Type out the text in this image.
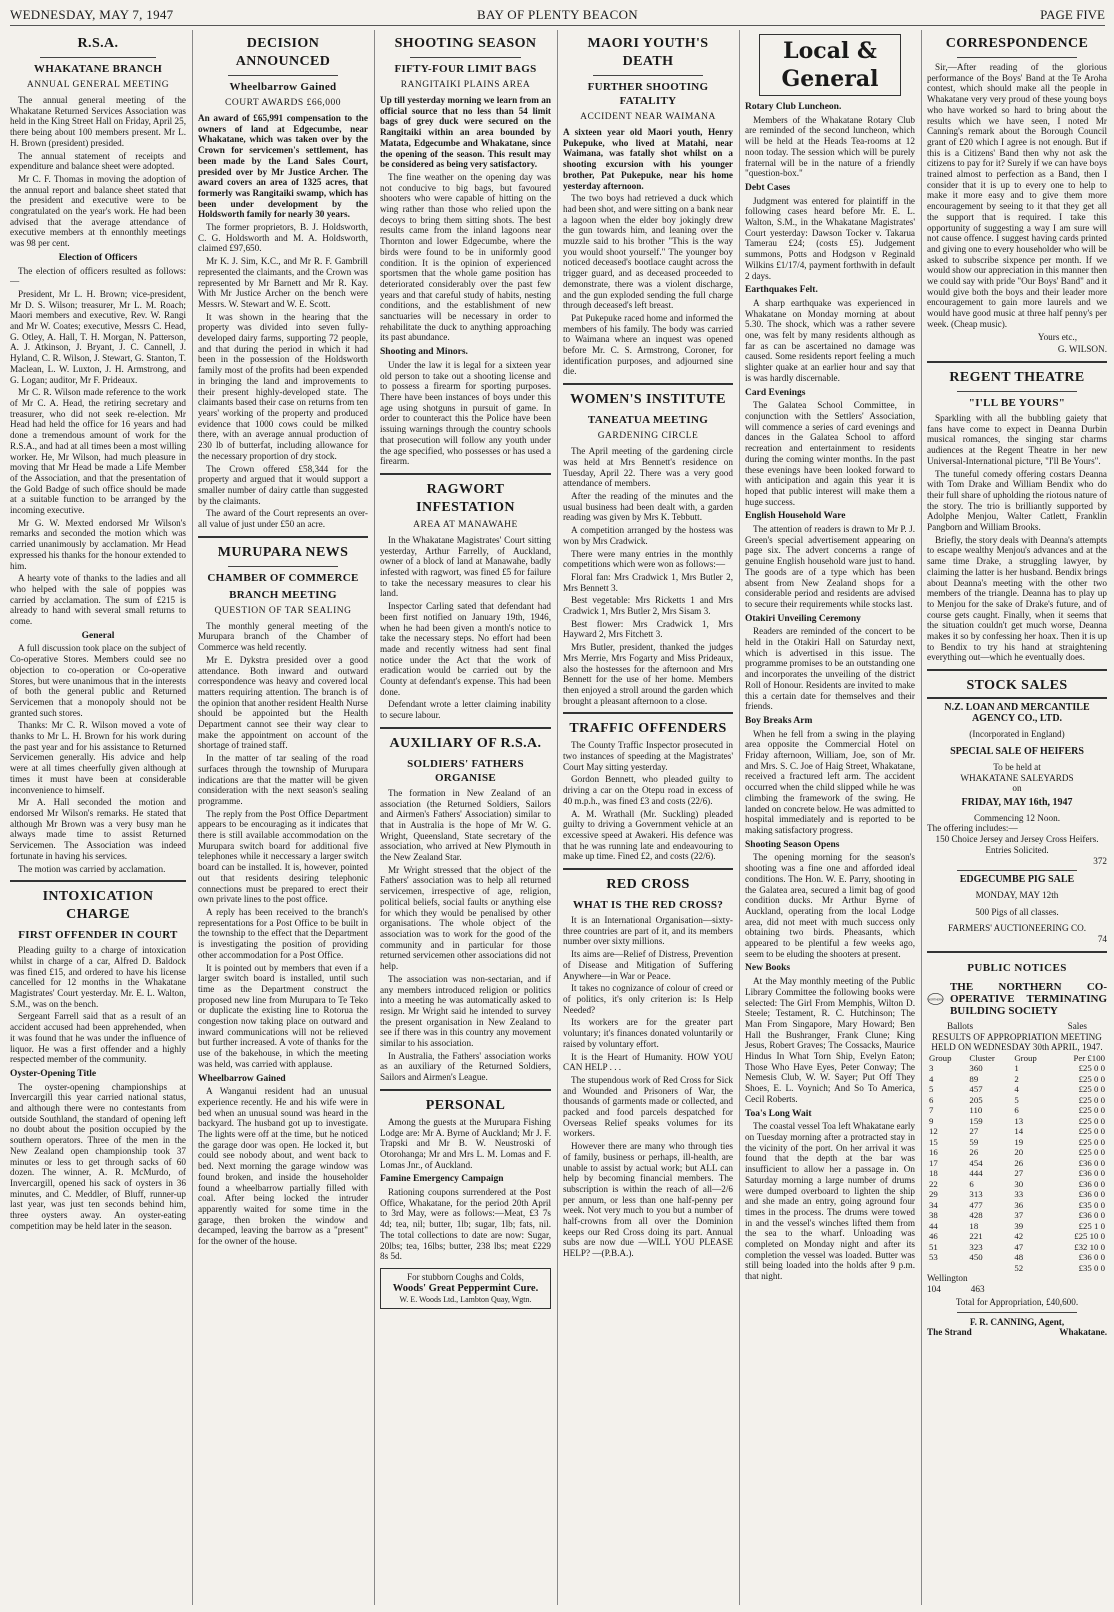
WEDNESDAY, MAY 7, 1947	BAY OF PLENTY BEACON	PAGE FIVE
R.S.A.
WHAKATANE BRANCH
ANNUAL GENERAL MEETING

The annual general meeting of the Whakatane Returned Services Association was held in the King Street Hall on Friday, April 25, there being about 100 members present. Mr L. H. Brown (president) presided.

The annual statement of receipts and expenditure and balance sheet were adopted.

Mr C. F. Thomas in moving the adoption of the annual report and balance sheet stated that the president and executive were to be congratulated on the year's work. He had been advised that the average attendance of executive members at th ennonthly meetings was 98 per cent.

Election of Officers

The election of officers resulted as follows:—

President, Mr L. H. Brown; vice-president, Mr D. S. Wilson; treasurer, Mr L. M. Roach; Maori members and executive, Rev. W. Rangi and Mr W. Coates; executive, Messrs C. Head, G. Otley, A. Hall, T. H. Morgan, N. Patterson, A. J. Atkinson, J. Bryant, J. C. Cannell, J. Hyland, C. R. Wilson, J. Stewart, G. Stanton, T. Maclean, L. W. Luxton, J. H. Armstrong, and G. Logan; auditor, Mr F. Prideaux.

Mr C. R. Wilson made reference to the work of Mr C. A. Head, the retiring secretary and treasurer, who did not seek re-election. Mr Head had held the office for 16 years and had done a tremendous amount of work for the R.S.A., and had at all times been a most willing worker. He, Mr Wilson, had much pleasure in moving that Mr Head be made a Life Member of the Association, and that the presentation of the Gold Badge of such office should be made at a suitable function to be arranged by the incoming executive.

Mr G. W. Mexted endorsed Mr Wilson's remarks and seconded the motion which was carried unanimously by acclamation. Mr Head expressed his thanks for the honour extended to him.

A hearty vote of thanks to the ladies and all who helped with the sale of poppies was carried by acclamation. The sum of £215 is already to hand with several small returns to come.

General

A full discussion took place on the subject of Co-operative Stores. Members could see no objection to co-operation or Co-operative Stores, but were unanimous that in the interests of both the general public and Returned Servicemen that a monopoly should not be granted such stores.

Thanks: Mr C. R. Wilson moved a vote of thanks to Mr L. H. Brown for his work during the past year and for his assistance to Returned Servicemen generally. His advice and help were at all times cheerfully given although at times it must have been at considerable inconvenience to himself.

Mr A. Hall seconded the motion and endorsed Mr Wilson's remarks. He stated that although Mr Brown was a very busy man he always made time to assist Returned Servicemen. The Association was indeed fortunate in having his services.

The motion was carried by acclamation.

INTOXICATION CHARGE
FIRST OFFENDER IN COURT

Pleading guilty to a charge of intoxication whilst in charge of a car, Alfred D. Baldock was fined £15, and ordered to have his license cancelled for 12 months in the Whakatane Magistrates' Court yesterday. Mr. E. L. Walton, S.M., was on the bench.

Sergeant Farrell said that as a result of an accident accused had been apprehended, when it was found that he was under the influence of liquor. He was a first offender and a highly respected member of the community.

Oyster-Opening Title

The oyster-opening championships at Invercargill this year carried national status, and although there were no contestants from outside Southland, the standard of opening left no doubt about the position occupied by the southern operators. Three of the men in the New Zealand open championship took 37 minutes or less to get through sacks of 60 dozen. The winner, A. R. McMurdo, of Invercargill, opened his sack of oysters in 36 minutes, and C. Meddler, of Bluff, runner-up last year, was just ten seconds behind him, three oysters away. An oyster-eating competition may be held later in the season.

DECISION ANNOUNCED
Wheelbarrow Gained
COURT AWARDS £66,000

An award of £65,991 compensation to the owners of land at Edgecumbe, near Whakatane, which was taken over by the Crown for servicemen's settlement, has been made by the Land Sales Court, presided over by Mr Justice Archer. The award covers an area of 1325 acres, that formerly was Rangitaiki swamp, which has been under development by the Holdsworth family for nearly 30 years.

The former proprietors, B. J. Holdsworth, C. G. Holdsworth and M. A. Holdsworth, claimed £97,650.

Mr K. J. Sim, K.C., and Mr R. F. Gambrill represented the claimants, and the Crown was represented by Mr Barnett and Mr R. Kay. With Mr Justice Archer on the bench were Messrs. W. Stewart and W. E. Scott.

It was shown in the hearing that the property was divided into seven fully-developed dairy farms, supporting 72 people, and that during the period in which it had been in the possession of the Holdsworth family most of the profits had been expended in bringing the land and improvements to their present highly-developed state. The claimants based their case on returns from ten years' working of the property and produced evidence that 1000 cows could be milked there, with an average annual production of 230 lb of butterfat, including allowance for the necessary proportion of dry stock.

The Crown offered £58,344 for the property and argued that it would support a smaller number of dairy cattle than suggested by the claimants.

The award of the Court represents an over-all value of just under £50 an acre.

MURUPARA NEWS
CHAMBER OF COMMERCE
BRANCH MEETING
QUESTION OF TAR SEALING

The monthly general meeting of the Murupara branch of the Chamber of Commerce was held recently.

Mr E. Dykstra presided over a good attendance. Both inward and outward correspondence was heavy and covered local matters requiring attention. The branch is of the opinion that another resident Health Nurse should be appointed but the Health Department cannot see their way clear to make the appointment on account of the shortage of trained staff.

In the matter of tar sealing of the road surfaces through the township of Murupara indications are that the matter will be given consideration with the next season's sealing programme.

The reply from the Post Office Department appears to be encouraging as it indicates that there is still available accommodation on the Murupara switch board for additional five telephones while it neccessary a larger switch board can be installed. It is, however, pointed out that residents desiring telephonic connections must be prepared to erect their own private lines to the post office.

A reply has been received to the branch's representations for a Post Office to be built in the township to the effect that the Department is investigating the position of providing other accommodation for a Post Office.

It is pointed out by members that even if a larger switch board is installed, until such time as the Department construct the proposed new line from Murupara to Te Teko or duplicate the existing line to Rotorua the congestion now taking place on outward and inward communications will not be relieved but further increased. A vote of thanks for the use of the bakehouse, in which the meeting was held, was carried with applause.

Wheelbarrow Gained

A Wanganui resident had an unusual experience recently. He and his wife were in bed when an unusual sound was heard in the backyard. The husband got up to investigate. The lights were off at the time, but he noticed the garage door was open. He locked it, but could see nobody about, and went back to bed. Next morning the garage window was found broken, and inside the householder found a wheelbarrow partially filled with coal. After being locked the intruder apparently waited for some time in the garage, then broken the window and decamped, leaving the barrow as a "present" for the owner of the house.

SHOOTING SEASON
FIFTY-FOUR LIMIT BAGS
RANGITAIKI PLAINS AREA

Up till yesterday morning we learn from an official source that no less than 54 limit bags of grey duck were secured on the Rangitaiki within an area bounded by Matata, Edgecumbe and Whakatane, since the opening of the season. This result may be considered as being very satisfactory.

The fine weather on the opening day was not conducive to big bags, but favoured shooters who were capable of hitting on the wing rather than those who relied upon the decoys to bring them sitting shots. The best results came from the inland lagoons near Thornton and lower Edgecumbe, where the birds were found to be in uniformly good condition. It is the opinion of experienced sportsmen that the whole game position has deteriorated considerably over the past few years and that careful study of habits, nesting conditions, and the establishment of new sanctuaries will be necessary in order to rehabilitate the duck to anything approaching its past abundance.

Shooting and Minors.

Under the law it is legal for a sixteen year old person to take out a shooting license and to possess a firearm for sporting purposes. There have been instances of boys under this age using shotguns in pursuit of game. In order to counteract this the Police have been issuing warnings through the country schools that prosecution will follow any youth under the age specified, who possesses or has used a firearm.

RAGWORT INFESTATION
AREA AT MANAWAHE

In the Whakatane Magistrates' Court sitting yesterday, Arthur Farrelly, of Auckland, owner of a block of land at Manawahe, badly infested with ragwort, was fined £5 for failure to take the necessary measures to clear his land.

Inspector Carling sated that defendant had been first notified on January 19th, 1946, when he had been given a month's notice to take the necessary steps. No effort had been made and recently witness had sent final notice under the Act that the work of eradication would be carried out by the County at defendant's expense. This had been done.

Defendant wrote a letter claiming inability to secure labour.

AUXILIARY OF R.S.A.
SOLDIERS' FATHERS ORGANISE

The formation in New Zealand of an association (the Returned Soldiers, Sailors and Airmen's Fathers' Association) similar to that in Australia is the hope of Mr W. G. Wright, Queensland, State secretary of the association, who arrived at New Plymouth in the New Zealand Star.

Mr Wright stressed that the object of the Fathers' association was to help all returned servicemen, irrespective of age, religion, political beliefs, social faults or anything else for which they would be penalised by other organisations. The whole object of the association was to work for the good of the community and in particular for those returned servicemen other associations did not help.

The association was non-sectarian, and if any members introduced religion or politics into a meeting he was automatically asked to resign. Mr Wright said he intended to survey the present organisation in New Zealand to see if there was in this country any movement similar to his association.

In Australia, the Fathers' association works as an auxiliary of the Returned Soldiers, Sailors and Airmen's League.

PERSONAL

Among the guests at the Murupara Fishing Lodge are: Mr A. Byrne of Auckland; Mr J. F. Trapski and Mr B. W. Neustroski of Otorohanga; Mr and Mrs L. M. Lomas and F. Lomas Jnr., of Auckland.

Famine Emergency Campaign

Rationing coupons surrendered at the Post Office, Whakatane, for the period 20th April to 3rd May, were as follows:—Meat, £3 7s 4d; tea, nil; butter, 1lb; sugar, 1lb; fats, nil. The total collections to date are now: Sugar, 20lbs; tea, 16lbs; butter, 238 lbs; meat £229 8s 5d.

For stubborn Coughs and Colds,
Woods' Great Peppermint Cure.
W. E. Woods Ltd., Lambton Quay, Wgtn.
MAORI YOUTH'S DEATH
FURTHER SHOOTING FATALITY
ACCIDENT NEAR WAIMANA

A sixteen year old Maori youth, Henry Pukepuke, who lived at Matahi, near Waimana, was fatally shot whilst on a shooting excursion with his younger brother, Pat Pukepuke, near his home yesterday afternoon.

The two boys had retrieved a duck which had been shot, and were sitting on a bank near a lagoon when the elder boy jokingly drew the gun towards him, and leaning over the muzzle said to his brother "This is the way you would shoot yourself." The younger boy noticed deceased's bootlace caught across the trigger guard, and as deceased proceeded to demonstrate, there was a violent discharge, and the gun exploded sending the full charge through deceased's left breast.

Pat Pukepuke raced home and informed the members of his family. The body was carried to Waimana where an inquest was opened before Mr. C. S. Armstrong, Coroner, for identification purposes, and adjourned sine die.

WOMEN'S INSTITUTE
TANEATUA MEETING
GARDENING CIRCLE

The April meeting of the gardening circle was held at Mrs Bennett's residence on Tuesday, April 22. There was a very good attendance of members.

After the reading of the minutes and the usual business had been dealt with, a garden reading was given by Mrs K. Tebbutt.

A competition arranged by the hostess was won by Mrs Cradwick.

There were many entries in the monthly competitions which were won as follows:—

Floral fan: Mrs Cradwick 1, Mrs Butler 2, Mrs Bennett 3.

Best vegetable: Mrs Ricketts 1 and Mrs Cradwick 1, Mrs Butler 2, Mrs Sisam 3.

Best flower: Mrs Cradwick 1, Mrs Hayward 2, Mrs Fitchett 3.

Mrs Butler, president, thanked the judges Mrs Merrie, Mrs Fogarty and Miss Prideaux, also the hostesses for the afternoon and Mrs Bennett for the use of her home. Members then enjoyed a stroll around the garden which brought a pleasant afternoon to a close.

TRAFFIC OFFENDERS

The County Traffic Inspector prosecuted in two instances of speeding at the Magistrates' Court May sitting yesterday.

Gordon Bennett, who pleaded guilty to driving a car on the Otepu road in excess of 40 m.p.h., was fined £3 and costs (22/6).

A. M. Wrathall (Mr. Suckling) pleaded guilty to driving a Government vehicle at an excessive speed at Awakeri. His defence was that he was running late and endeavouring to make up time. Fined £2, and costs (22/6).

RED CROSS
WHAT IS THE RED CROSS?

It is an International Organisation—sixty-three countries are part of it, and its members number over sixty millions.

Its aims are—Relief of Distress, Prevention of Disease and Mitigation of Suffering Anywhere—in War or Peace.

It takes no cognizance of colour of creed or of politics, it's only criterion is: Is Help Needed?

Its workers are for the greater part voluntary; it's finances donated voluntarily or raised by voluntary effort.

It is the Heart of Humanity. HOW YOU CAN HELP . . .

The stupendous work of Red Cross for Sick and Wounded and Prisoners of War, the thousands of garments made or collected, and packed and food parcels despatched for Overseas Relief speaks volumes for its workers.

However there are many who through ties of family, business or perhaps, ill-health, are unable to assist by actual work; but ALL can help by becoming financial members. The subscription is within the reach of all—2/6 per annum, or less than one half-penny per week. Not very much to you but a number of half-crowns from all over the Dominion keeps our Red Cross doing its part. Annual subs are now due —WILL YOU PLEASE HELP? —(P.B.A.).

Local & General

Rotary Club Luncheon.

Members of the Whakatane Rotary Club are reminded of the second luncheon, which will be held at the Heads Tea-rooms at 12 noon today. The session which will be purely fraternal will be in the nature of a friendly "question-box."

Debt Cases

Judgment was entered for plaintiff in the following cases heard before Mr. E. L. Walton, S.M., in the Whakatane Magistrates' Court yesterday: Dawson Tocker v. Takarua Tamerau £24; (costs £5). Judgement summons, Potts and Hodgson v Reginald Wilkins £1/17/4, payment forthwith in default 2 days.

Earthquakes Felt.

A sharp earthquake was experienced in Whakatane on Monday morning at about 5.30. The shock, which was a rather severe one, was felt by many residents although as far as can be ascertained no damage was caused. Some residents report feeling a much slighter quake at an earlier hour and say that is was hardly discernable.

Card Evenings

The Galatea School Committee, in conjunction with the Settlers' Association, will commence a series of card evenings and dances in the Galatea School to afford recreation and entertainment to residents during the coming winter months. In the past these evenings have been looked forward to with anticipation and again this year it is hoped that public interest will make them a huge success.

English Household Ware

The attention of readers is drawn to Mr P. J. Green's special advertisement appearing on page six. The advert concerns a range of genuine English household ware just to hand. The goods are of a type which has been absent from New Zealand shops for a considerable period and residents are advised to secure their requirements while stocks last.

Otakiri Unveiling Ceremony

Readers are reminded of the concert to be held in the Otakiri Hall on Saturday next, which is advertised in this issue. The programme promises to be an outstanding one and incorporates the unveiling of the district Roll of Honour. Residents are invited to make this a certain date for themselves and their friends.

Boy Breaks Arm

When he fell from a swing in the playing area opposite the Commercial Hotel on Friday afternoon, William, Joe, son of Mr. and Mrs. S. C. Joe of Haig Street, Whakatane, received a fractured left arm. The accident occurred when the child slipped while he was climbing the framework of the swing. He landed on concrete below. He was admitted to hospital immediately and is reported to be making satisfactory progress.

Shooting Season Opens

The opening morning for the season's shooting was a fine one and afforded ideal conditions. The Hon. W. E. Parry, shooting in the Galatea area, secured a limit bag of good condition ducks. Mr Arthur Byrne of Auckland, operating from the local Lodge area, did not meet with much success only obtaining two birds. Pheasants, which appeared to be plentiful a few weeks ago, seem to be eluding the shooters at present.

New Books

At the May monthly meeting of the Public Library Committee the following books were selected: The Girl From Memphis, Wilton D. Steele; Testament, R. C. Hutchinson; The Man From Singapore, Mary Howard; Ben Hall the Bushranger, Frank Clune; King Jesus, Robert Graves; The Cossacks, Maurice Hindus In What Torn Ship, Evelyn Eaton; Those Who Have Eyes, Peter Conway; The Nemesis Club, W. W. Sayer; Put Off They Shoes, E. L. Voynich; And So To America, Cecil Roberts.

Toa's Long Wait

The coastal vessel Toa left Whakatane early on Tuesday morning after a protracted stay in the vicinity of the port. On her arrival it was found that the depth at the bar was insufficient to allow her a passage in. On Saturday morning a large number of drums were dumped overboard to lighten the ship and she made an entry, going aground four times in the process. The drums were towed in and the vessel's winches lifted them from the sea to the wharf. Unloading was completed on Monday night and after its completion the vessel was loaded. Butter was still being loaded into the holds after 9 p.m. that night.

CORRESPONDENCE

Sir,—After reading of the glorious performance of the Boys' Band at the Te Aroha contest, which should make all the people in Whakatane very very proud of these young boys who have worked so hard to bring about the results which we have seen, I noted Mr Canning's remark about the Borough Council grant of £20 which I agree is not enough. But if this is a Citizens' Band then why not ask the citizens to pay for it? Surely if we can have boys trained almost to perfection as a Band, then I consider that it is up to every one to help to make it more easy and to give them more encouragement by seeing to it that they get all the support that is required. I take this opportunity of suggesting a way I am sure will not cause offence. I suggest having cards printed and giving one to every householder who will be asked to subscribe sixpence per month. If we would show our appreciation in this manner then we could say with pride "Our Boys' Band" and it would give both the boys and their leader more encouragement to gain more laurels and we would have good music at three half penny's per week. (Cheap music).

Yours etc.,

G. WILSON.

REGENT THEATRE
"I'LL BE YOURS"

Sparkling with all the bubbling gaiety that fans have come to expect in Deanna Durbin musical romances, the singing star charms audiences at the Regent Theatre in her new Universal-International picture, "I'll Be Yours".

The tuneful comedy offering costars Deanna with Tom Drake and William Bendix who do their full share of upholding the riotous nature of the story. The trio is brilliantly supported by Adolphe Menjou, Walter Catlett, Franklin Pangborn and William Brooks.

Briefly, the story deals with Deanna's attempts to escape wealthy Menjou's advances and at the same time Drake, a struggling lawyer, by claiming the latter is her husband. Bendix brings about Deanna's meeting with the other two members of the triangle. Deanna has to play up to Menjou for the sake of Drake's future, and of course gets caught. Finally, when it seems that the situation couldn't get much worse, Deanna makes it so by confessing her hoax. Then it is up to Bendix to try his hand at straightening everything out—which he eventually does.

STOCK SALES
N.Z. LOAN AND MERCANTILE AGENCY CO., LTD.
(Incorporated in England)
SPECIAL SALE OF HEIFERS
To be held at
WHAKATANE SALEYARDS
on
FRIDAY, MAY 16th, 1947
Commencing 12 Noon.
The offering includes:—
150 Choice Jersey and Jersey Cross Heifers.
Entries Solicited.
372
EDGECUMBE PIG SALE
MONDAY, MAY 12th
500 Pigs of all classes.
FARMERS' AUCTIONEERING CO.
74
PUBLIC NOTICES
NORTHERN
THE NORTHERN CO-OPERATIVE TERMINATING BUILDING SOCIETY
Ballots	Sales
RESULTS OF APPROPRIATION MEETING HELD ON WEDNESDAY 30th APRIL, 1947.
Group	Cluster	Group	Per £100
3	360	1	£25 0 0
4	89	2	£25 0 0
5	457	4	£25 0 0
6	205	5	£25 0 0
7	110	6	£25 0 0
9	159	13	£25 0 0
12	27	14	£25 0 0
15	59	19	£25 0 0
16	26	20	£25 0 0
17	454	26	£36 0 0
18	444	27	£36 0 0
22	6	30	£36 0 0
29	313	33	£36 0 0
34	477	36	£35 0 0
38	428	37	£36 0 0
44	18	39	£25 1 0
46	221	42	£25 10 0
51	323	47	£32 10 0
53	450	48	£36 0 0
		52	£35 0 0
Wellington
104	463
Total for Appropriation, £40,600.
F. R. CANNING, Agent,
The Strand	Whakatane.
